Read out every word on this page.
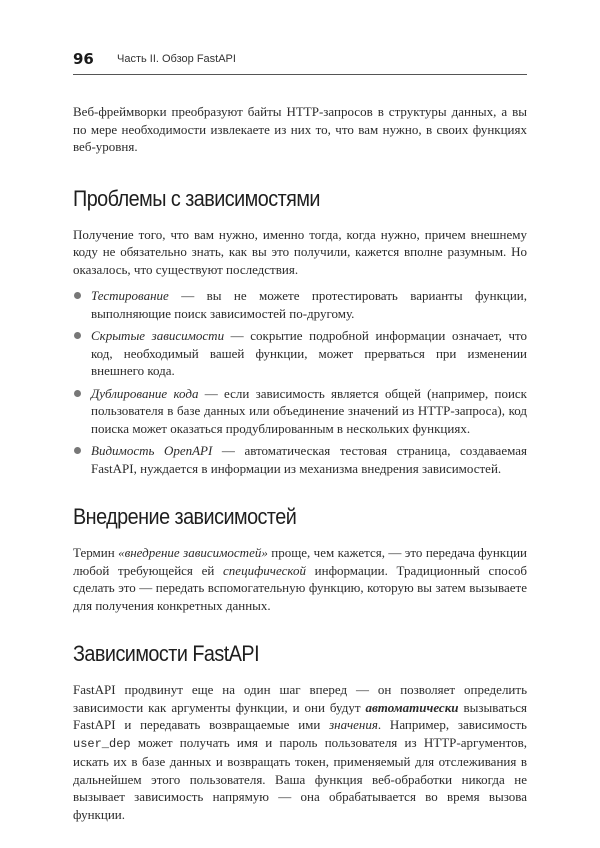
96 Часть II. Обзор FastAPI

Веб-фреймворки преобразуют байты HTTP-запросов в структуры данных, а вы по мере необходимости извлекаете из них то, что вам нужно, в своих функциях веб-уровня.

Проблемы с зависимостями

Получение того, что вам нужно, именно тогда, когда нужно, причем внешнему коду не обязательно знать, как вы это получили, кажется вполне разумным. Но оказалось, что существуют последствия.

Тестирование — вы не можете протестировать варианты функции, выполняющие поиск зависимостей по-другому.
Скрытые зависимости — сокрытие подробной информации означает, что код, необходимый вашей функции, может прерваться при изменении внешнего кода.
Дублирование кода — если зависимость является общей (например, поиск пользователя в базе данных или объединение значений из HTTP-запроса), код поиска может оказаться продублированным в нескольких функциях.
Видимость OpenAPI — автоматическая тестовая страница, создаваемая FastAPI, нуждается в информации из механизма внедрения зависимостей.
Внедрение зависимостей

Термин «внедрение зависимостей» проще, чем кажется, — это передача функции любой требующейся ей специфической информации. Традиционный способ сделать это — передать вспомогательную функцию, которую вы затем вызываете для получения конкретных данных.

Зависимости FastAPI

FastAPI продвинут еще на один шаг вперед — он позволяет определить зависимости как аргументы функции, и они будут автоматически вызываться FastAPI и передавать возвращаемые ими значения. Например, зависимость user_dep может получать имя и пароль пользователя из HTTP-аргументов, искать их в базе данных и возвращать токен, применяемый для отслеживания в дальнейшем этого пользователя. Ваша функция веб-обработки никогда не вызывает зависимость напрямую — она обрабатывается во время вызова функции.
